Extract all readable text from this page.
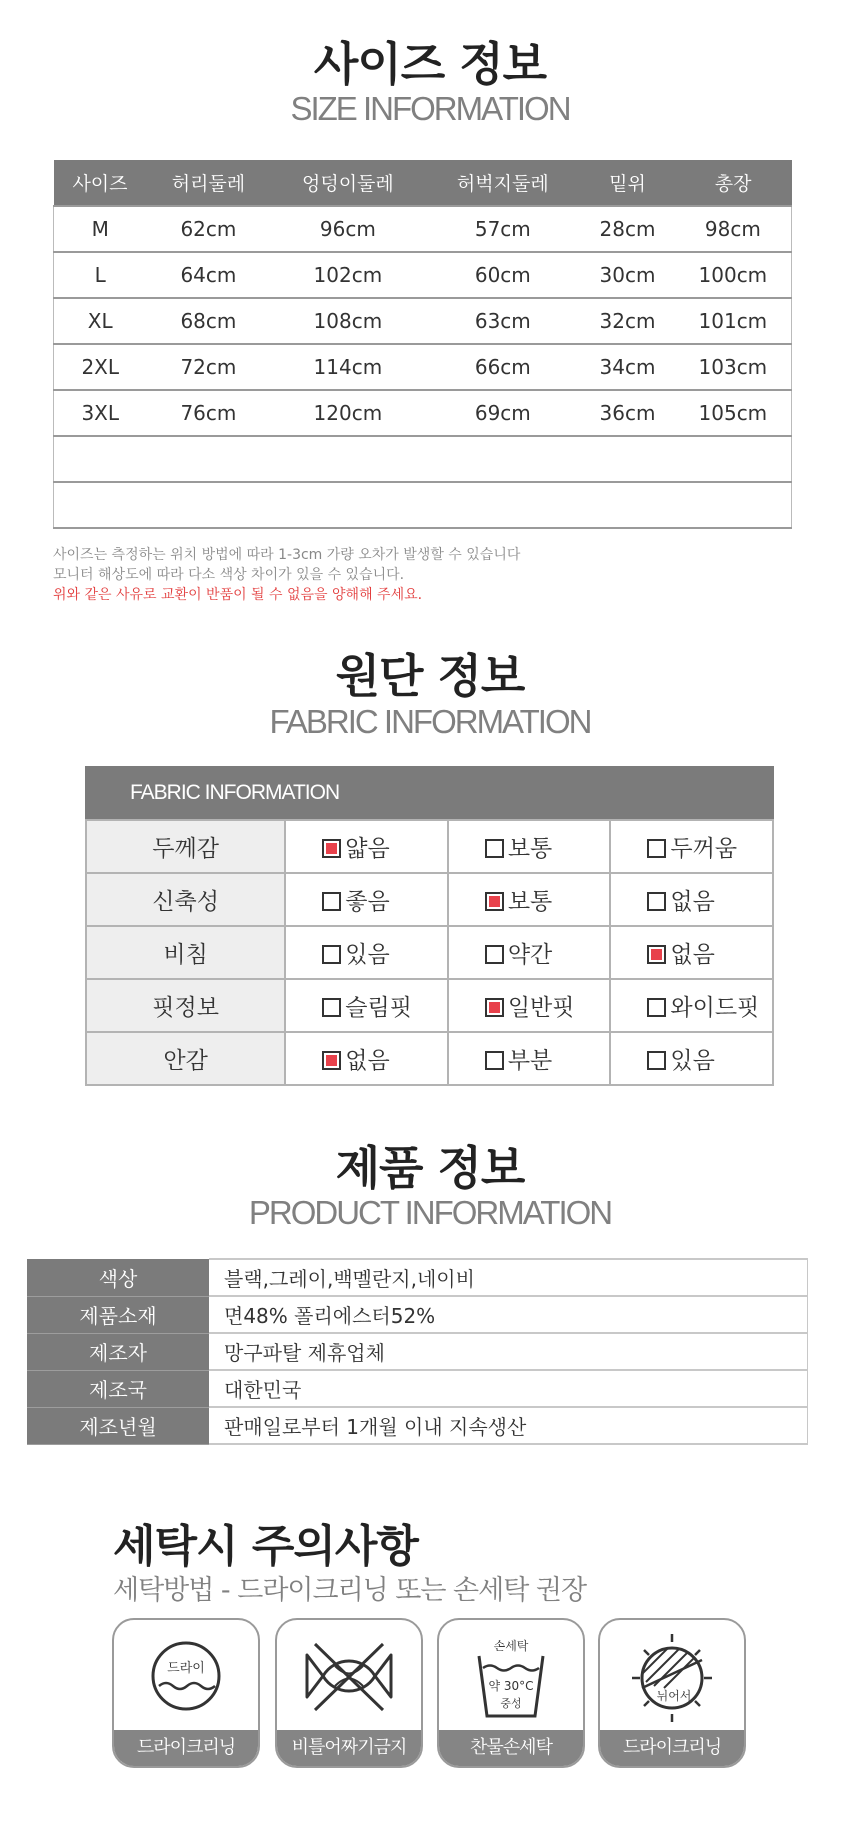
사이즈 정보
SIZE INFORMATION
사이즈	허리둘레	엉덩이둘레	허벅지둘레	밑위	총장
M	62cm	96cm	57cm	28cm	98cm
L	64cm	102cm	60cm	30cm	100cm
XL	68cm	108cm	63cm	32cm	101cm
2XL	72cm	114cm	66cm	34cm	103cm
3XL	76cm	120cm	69cm	36cm	105cm

사이즈는 측정하는 위치 방법에 따라 1-3cm 가량 오차가 발생할 수 있습니다
모니터 해상도에 따라 다소 색상 차이가 있을 수 있습니다.
위와 같은 사유로 교환이 반품이 될 수 없음을 양해해 주세요.
원단 정보
FABRIC INFORMATION
FABRIC INFORMATION
두께감	얇음	보통	두꺼움
신축성	좋음	보통	없음
비침	있음	약간	없음
핏정보	슬림핏	일반핏	와이드핏
안감	없음	부분	있음
제품 정보
PRODUCT INFORMATION
색상	블랙,그레이,백멜란지,네이비
제품소재	면48% 폴리에스터52%
제조자	망구파탈 제휴업체
제조국	대한민국
제조년월	판매일로부터 1개월 이내 지속생산
세탁시 주의사항
세탁방법 - 드라이크리닝 또는 손세탁 권장
드라이
드라이크리닝	비틀어짜기금지
손세탁
약 30°C
중성
찬물손세탁
뉘어서
드라이크리닝
